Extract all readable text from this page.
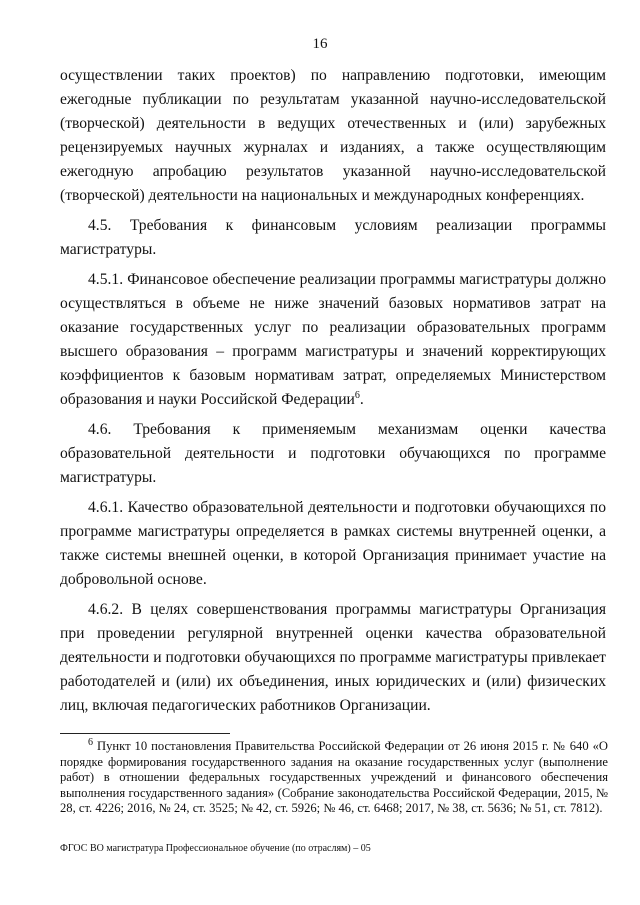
16

осуществлении таких проектов) по направлению подготовки, имеющим ежегодные публикации по результатам указанной научно-исследовательской (творческой) деятельности в ведущих отечественных и (или) зарубежных рецензируемых научных журналах и изданиях, а также осуществляющим ежегодную апробацию результатов указанной научно-исследовательской (творческой) деятельности на национальных и международных конференциях.

4.5. Требования к финансовым условиям реализации программы магистратуры.

4.5.1. Финансовое обеспечение реализации программы магистратуры должно осуществляться в объеме не ниже значений базовых нормативов затрат на оказание государственных услуг по реализации образовательных программ высшего образования – программ магистратуры и значений корректирующих коэффициентов к базовым нормативам затрат, определяемых Министерством образования и науки Российской Федерации$^6$.

4.6. Требования к применяемым механизмам оценки качества образовательной деятельности и подготовки обучающихся по программе магистратуры.

4.6.1. Качество образовательной деятельности и подготовки обучающихся по программе магистратуры определяется в рамках системы внутренней оценки, а также системы внешней оценки, в которой Организация принимает участие на добровольной основе.

4.6.2. В целях совершенствования программы магистратуры Организация при проведении регулярной внутренней оценки качества образовательной деятельности и подготовки обучающихся по программе магистратуры привлекает работодателей и (или) их объединения, иных юридических и (или) физических лиц, включая педагогических работников Организации.

$^6$ Пункт 10 постановления Правительства Российской Федерации от 26 июня 2015 г. № 640 «О порядке формирования государственного задания на оказание государственных услуг (выполнение работ) в отношении федеральных государственных учреждений и финансового обеспечения выполнения государственного задания» (Собрание законодательства Российской Федерации, 2015, № 28, ст. 4226; 2016, № 24, ст. 3525; № 42, ст. 5926; № 46, ст. 6468; 2017, № 38, ст. 5636; № 51, ст. 7812).
ФГОС ВО магистратура Профессиональное обучение (по отраслям) – 05
